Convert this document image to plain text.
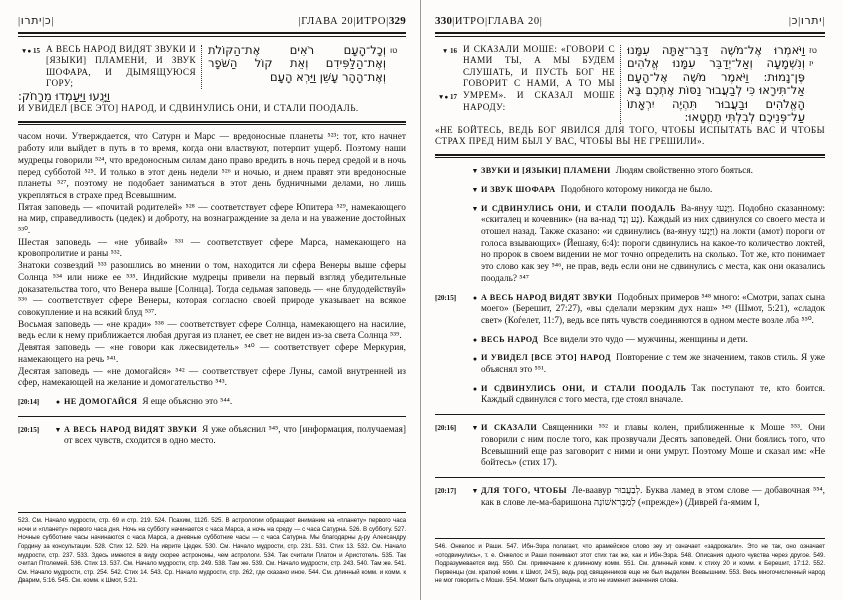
| יתרו | כ |	| ГЛАВА 20 | ИТРО | 329
▼● 15 А ВЕСЬ НАРОД ВИДЯТ ЗВУКИ И [ЯЗЫКИ] ПЛАМЕНИ, И ЗВУК ШОФАРА, И ДЫМЯЩУЮСЯ ГОРУ;
וְכָל־הָעָם רֹאִים אֶת־הַקּוֹלֹת וְאֶת־הַלַּפִּידִם וְאֵת קוֹל הַשֹּׁפָר וְאֶת־הָהָר עָשֵׁן וַיַּרְא הָעָם
טו
וַיָּנֻעוּ וַיַּעַמְדוּ מֵרָחֹק:
И УВИДЕЛ [ВСЕ ЭТО] НАРОД, И СДВИНУЛИСЬ ОНИ, И СТАЛИ ПООДАЛЬ.

часом ночи. Утверждается, что Сатурн и Марс — вредоносные планеты ⁵²³: тот, кто начнет работу или выйдет в путь в то время, когда они властвуют, потерпит ущерб. Поэтому наши мудрецы говорили ⁵²⁴, что вредоносным силам дано право вредить в ночь перед средой и в ночь перед субботой ⁵²⁵. И только в этот день недели ⁵²⁶ и ночью, и днем правят эти вредоносные планеты ⁵²⁷, поэтому не подобает заниматься в этот день будничными делами, но лишь укрепляться в страхе пред Всевышним.

Пятая заповедь — «почитай родителей» ⁵²⁸ — соответствует сфере Юпитера ⁵²⁹, намекающего на мир, справедливость (цедек) и доброту, на вознаграждение за дела и на уважение достойных ⁵³⁰.

Шестая заповедь — «не убивай» ⁵³¹ — соответствует сфере Марса, намекающего на кровопролитие и раны ⁵³².

Знатоки созвездий ⁵³³ разошлись во мнении о том, находится ли сфера Венеры выше сферы Солнца ⁵³⁴ или ниже ее ⁵³⁵. Индийские мудрецы привели на первый взгляд убедительные доказательства того, что Венера выше [Солнца]. Тогда седьмая заповедь — «не блудодействуй» ⁵³⁶ — соответствует сфере Венеры, которая согласно своей природе указывает на всякое совокупление и на всякий блуд ⁵³⁷.

Восьмая заповедь — «не кради» ⁵³⁸ — соответствует сфере Солнца, намекающего на насилие, ведь если к нему приближается любая другая из планет, ее свет не виден из-за света Солнца ⁵³⁹.

Девятая заповедь — «не говори как лжесвидетель» ⁵⁴⁰ — соответствует сфере Меркурия, намекающего на речь ⁵⁴¹.

Десятая заповедь — «не домогайся» ⁵⁴² — соответствует сфере Луны, самой внутренней из сфер, намекающей на желание и домогательство ⁵⁴³.

[20:14]	● НЕ ДОМОГАЙСЯ Я еще объясню это ⁵⁴⁴.
[20:15]	▼ А ВЕСЬ НАРОД ВИДЯТ ЗВУКИ Я уже объяснил ⁵⁴⁵, что [информация, получаемая] от всех чувств, сходится в одно место.
523. См. Начало мудрости, стр. 69 и стр. 219. 524. Псахим, 112б. 525. В астрологии обращают внимание на «планету» первого часа ночи и «планету» первого часа дня. Ночь на субботу начинается с часа Марса, а ночь на среду — с часа Сатурна. 526. В субботу. 527. Ночные субботние часы начинаются с часа Марса, а дневные субботние часы — с часа Сатурна. Мы благодарны д-ру Александру Гордину за консультации. 528. Стих 12. 529. На иврите Цедек. 530. См. Начало мудрости, стр. 231. 531. Стих 13. 532. См. Начало мудрости, стр. 237. 533. Здесь имеются в виду скорее астрономы, чем астрологи. 534. Так считали Платон и Аристотель. 535. Так считал Птолемей. 536. Стих 13. 537. См. Начало мудрости, стр. 249. 538. Там же. 539. См. Начало мудрости, стр. 243. 540. Там же. 541. См. Начало мудрости, стр. 254. 542. Стих 14. 543. Ср. Начало мудрости, стр. 262, где сказано иное. 544. См. длинный комм. и комм. к Дварим, 5:16. 545. См. комм. к Шмот, 5:21.
330 | ИТРО | ГЛАВА 20 |	| כ | יתרו |
▼ 16
▼● 17
И СКАЗАЛИ МОШЕ: «ГОВОРИ С НАМИ ТЫ, А МЫ БУДЕМ СЛУШАТЬ, И ПУСТЬ БОГ НЕ ГОВОРИТ С НАМИ, А ТО МЫ УМРЕМ». И СКАЗАЛ МОШЕ НАРОДУ:
וַיֹּאמְרוּ אֶל־מֹשֶׁה דַּבֵּר־אַתָּה עִמָּנוּ וְנִשְׁמָעָה וְאַל־יְדַבֵּר עִמָּנוּ אֱלֹהִים פֶּן־נָמוּת: וַיֹּאמֶר מֹשֶׁה אֶל־הָעָם אַל־תִּירָאוּ כִּי לְבַעֲבוּר נַסּוֹת אֶתְכֶם בָּא הָאֱלֹהִים וּבַעֲבוּר תִּהְיֶה יִרְאָתוֹ עַל־פְּנֵיכֶם לְבִלְתִּי תֶחֱטָאוּ:
טז
יז
«НЕ БОЙТЕСЬ, ВЕДЬ БОГ ЯВИЛСЯ ДЛЯ ТОГО, ЧТОБЫ ИСПЫТАТЬ ВАС И ЧТОБЫ СТРАХ ПРЕД НИМ БЫЛ У ВАС, ЧТОБЫ ВЫ НЕ ГРЕШИЛИ».
▼ ЗВУКИ И [ЯЗЫКИ] ПЛАМЕНИ Людям свойственно этого бояться.
▼ И ЗВУК ШОФАРА Подобного которому никогда не было.
▼ И СДВИНУЛИСЬ ОНИ, И СТАЛИ ПООДАЛЬ Ва-януу וַיָּנֻעוּ. Подобно сказанному: «скиталец и кочевник» (на ва-над נָע וָנָד). Каждый из них сдвинулся со своего места и отошел назад. Также сказано: «и сдвинулись (ва-януу וַיָּנֻעוּ) на локти (амот) пороги от голоса взывающих» (Йешаяу, 6:4): пороги сдвинулись на какое-то количество локтей, но пророк в своем видении не мог точно определить на сколько. Тот же, кто понимает это слово как зеу ⁵⁴⁶, не прав, ведь если они не сдвинулись с места, как они оказались поодаль? ⁵⁴⁷
[20:15]	● А ВЕСЬ НАРОД ВИДЯТ ЗВУКИ Подобных примеров ⁵⁴⁸ много: «Смотри, запах сына моего» (Берешит, 27:27), «вы сделали мерзким дух наш» ⁵⁴⁹ (Шмот, 5:21), «сладок свет» (Коѓелет, 11:7), ведь все пять чувств соединяются в одном месте возле лба ⁵⁵⁰.
● ВЕСЬ НАРОД Все видели это чудо — мужчины, женщины и дети.
● И УВИДЕЛ [ВСЕ ЭТО] НАРОД Повторение с тем же значением, таков стиль. Я уже объяснял это ⁵⁵¹.
● И СДВИНУЛИСЬ ОНИ, И СТАЛИ ПООДАЛЬ Так поступают те, кто боится. Каждый сдвинулся с того места, где стоял вначале.
[20:16]	▼ И СКАЗАЛИ Священники ⁵⁵² и главы колен, приближенные к Моше ⁵⁵³. Они говорили с ним после того, как прозвучали Десять заповедей. Они боялись того, что Всевышний еще раз заговорит с ними и они умрут. Поэтому Моше и сказал им: «Не бойтесь» (стих 17).
[20:17]	▼ ДЛЯ ТОГО, ЧТОБЫ Ле-ваавур לְבַעֲבוּר. Буква ламед в этом слове — добавочная ⁵⁵⁴, как в слове ле-ма-баришона לְמַבָּרִאשׁוֹנָה («прежде») (Диврей ѓа-ямим I,
546. Онкелос и Раши. 547. Ибн-Эзра полагает, что арамейское слово зеу זָע означает «задрожали». Это не так, оно означает «отодвинулись», т. е. Онкелос и Раши понимают этот стих так же, как и Ибн-Эзра. 548. Описания одного чувства через другое. 549. Подразумевается вид. 550. См. примечание к длинному комм. 551. См. длинный комм. к стиху 20 и комм. к Берешит, 17:12. 552. Первенцы (см. краткий комм. к Шмот, 24:5), ведь род священников еще не был выделен Всевышним. 553. Весь многочисленный народ не мог говорить с Моше. 554. Может быть опущена, и это не изменит значения слова.
